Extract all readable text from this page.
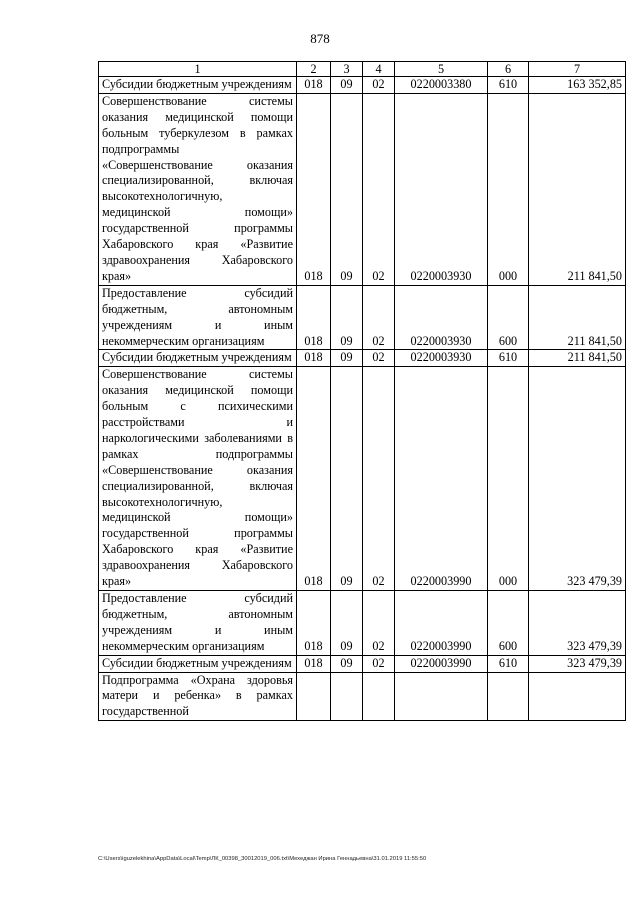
878
1	2	3	4	5	6	7
Субсидии бюджетным учреждениям	018	09	02	0220003380	610	163 352,85
Совершенствование системы оказания медицинской помощи больным туберкулезом в рамках подпрограммы «Совершенствование оказания специализированной, включая высокотехнологичную, медицинской помощи» государственной программы Хабаровского края «Развитие здравоохранения Хабаровского края»	018	09	02	0220003930	000	211 841,50
Предоставление субсидий бюджетным, автономным учреждениям и иным некоммерческим организациям	018	09	02	0220003930	600	211 841,50
Субсидии бюджетным учреждениям	018	09	02	0220003930	610	211 841,50
Совершенствование системы оказания медицинской помощи больным с психическими расстройствами и наркологическими заболеваниями в рамках подпрограммы «Совершенствование оказания специализированной, включая высокотехнологичную, медицинской помощи» государственной программы Хабаровского края «Развитие здравоохранения Хабаровского края»	018	09	02	0220003990	000	323 479,39
Предоставление субсидий бюджетным, автономным учреждениям и иным некоммерческим организациям	018	09	02	0220003990	600	323 479,39
Субсидии бюджетным учреждениям	018	09	02	0220003990	610	323 479,39
Подпрограмма «Охрана здоровья матери и ребенка» в рамках государственной						
C:\Users\iguzelekhina\AppData\Local\Temp\ЛК_00398_30012019_006.txt\Мехеджан Ирина Геннадьевна\31.01.2019 11:55:50
